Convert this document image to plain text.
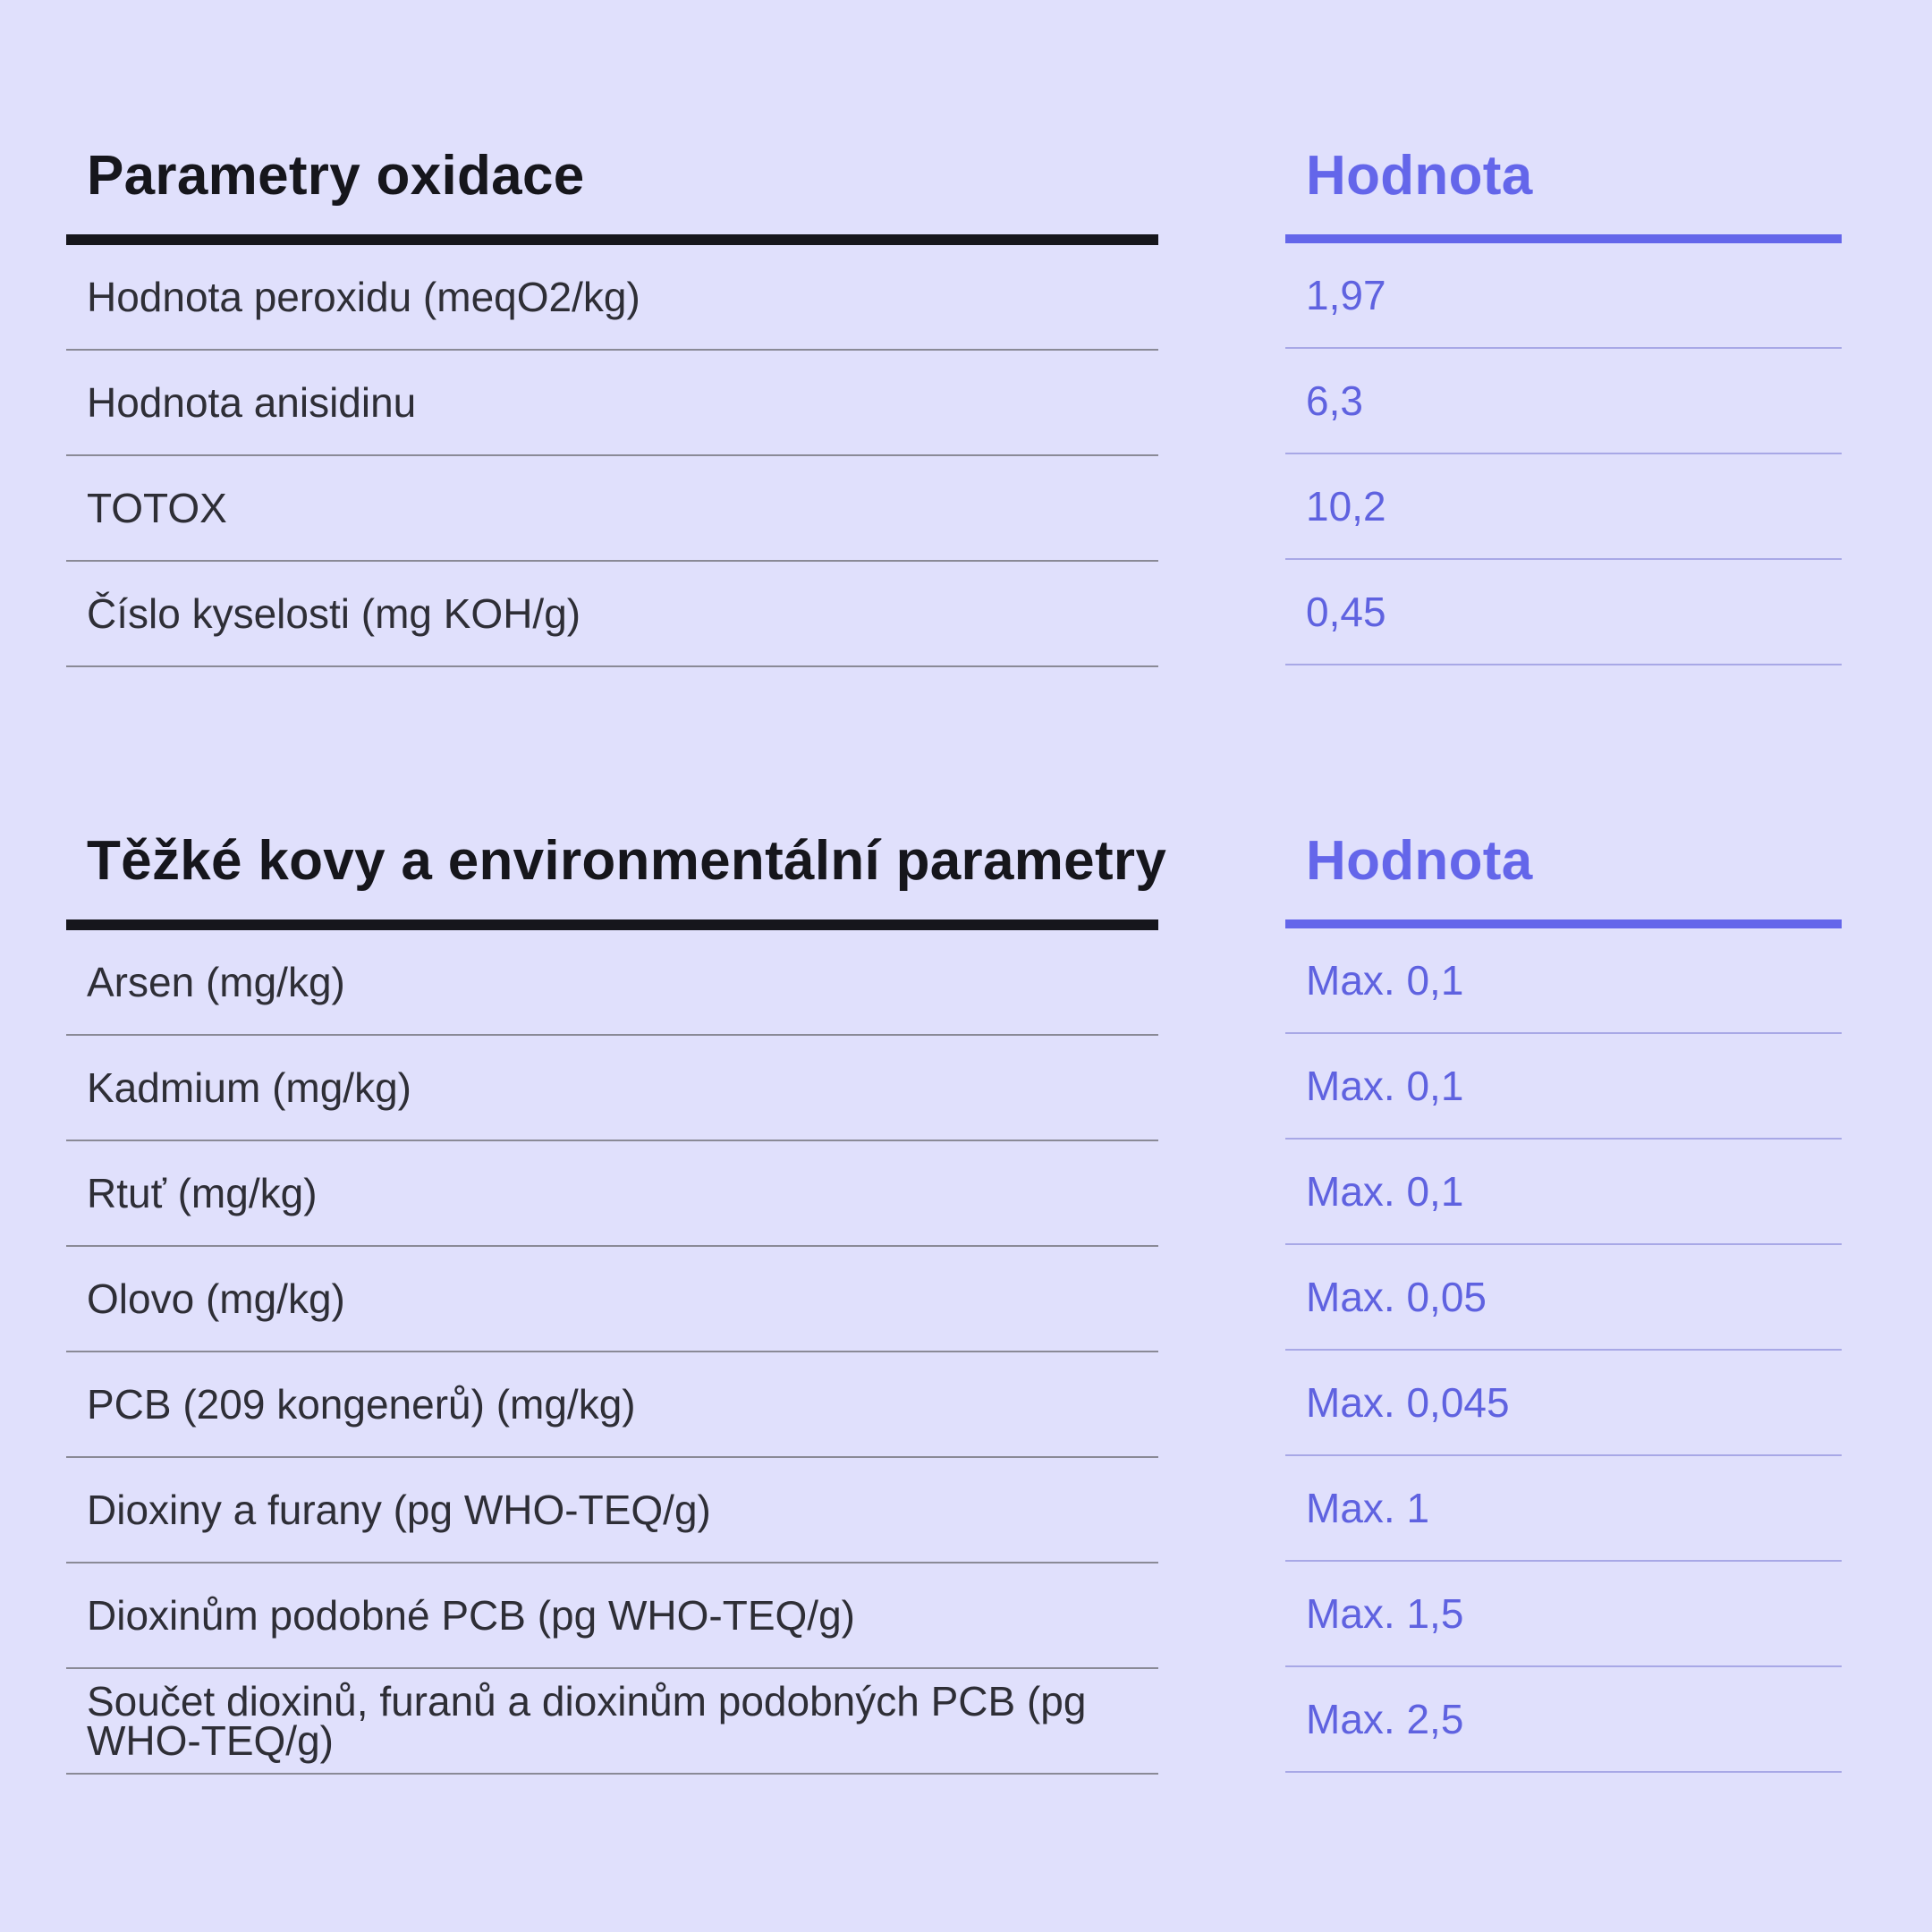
Parametry oxidace
Hodnota peroxidu (meqO2/kg)
Hodnota anisidinu
TOTOX
Číslo kyselosti (mg KOH/g)
Hodnota
1,97
6,3
10,2
0,45
Těžké kovy a environmentální parametry
Arsen (mg/kg)
Kadmium (mg/kg)
Rtuť (mg/kg)
Olovo (mg/kg)
PCB (209 kongenerů) (mg/kg)
Dioxiny a furany (pg WHO-TEQ/g)
Dioxinům podobné PCB (pg WHO-TEQ/g)
Součet dioxinů, furanů a dioxinům podobných PCB (pg WHO-TEQ/g)
Hodnota
Max. 0,1
Max. 0,1
Max. 0,1
Max. 0,05
Max. 0,045
Max. 1
Max. 1,5
Max. 2,5
